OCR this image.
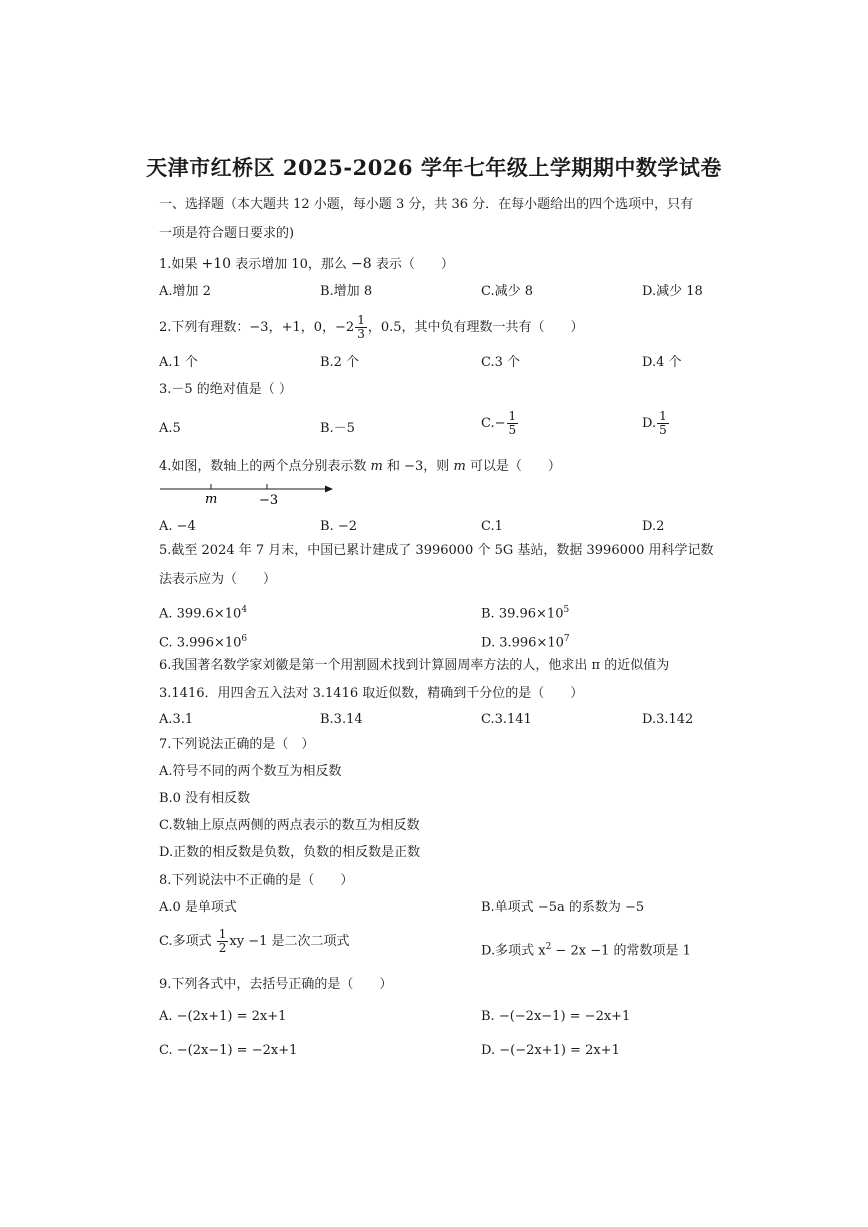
天津市红桥区 2025-2026 学年七年级上学期期中数学试卷
一、选择题（本大题共 12 小题，每小题 3 分，共 36 分．在每小题给出的四个选项中，只有
一项是符合题日要求的)
1.如果 +10 表示增加 10，那么 −8 表示（　　）
A.增加 2	B.增加 8	C.减少 8	D.减少 18
2.下列有理数：−3，+1，0，$-2 \frac{1}{3}$ ，0.5，其中负有理数一共有（　　）
A.1 个	B.2 个	C.3 个	D.4 个
3.－5 的绝对值是（ ）
A.5	B.－5	$C.- \frac{1}{5}$	D. $\frac{1}{5}$
4.如图，数轴上的两个点分别表示数 m 和 −3，则 m 可以是（　　）
m	−3
A. −4	B. −2	C.1	D.2
5.截至 2024 年 7 月末，中国已累计建成了 3996000 个 5G 基站，数据 3996000 用科学记数
法表示应为（　　）
A. $399.6\times 10^4$	B. $39.96\times 10^5$
C. $3.996\times 10^6$	D. $3.996\times 10^7$
6.我国著名数学家刘徽是第一个用割圆术找到计算圆周率方法的人，他求出 π 的近似值为
3.1416．用四舍五入法对 3.1416 取近似数，精确到千分位的是（　　）
A.3.1	B.3.14	C.3.141	D.3.142
7.下列说法正确的是（　）
A.符号不同的两个数互为相反数
B.0 没有相反数
C.数轴上原点两侧的两点表示的数互为相反数
D.正数的相反数是负数，负数的相反数是正数
8.下列说法中不正确的是（　　）
A.0 是单项式	B.单项式 −5a 的系数为 −5
C.多项式 $\frac{1}{2}$ xy −1 是二次二项式
D.多项式 $x^2 - 2x -1$ 的常数项是 1
9.下列各式中，去括号正确的是（　　）
A. −(2x+1) = 2x+1	B. −(−2x−1) = −2x+1
C. −(2x−1) = −2x+1	D. −(−2x+1) = 2x+1
